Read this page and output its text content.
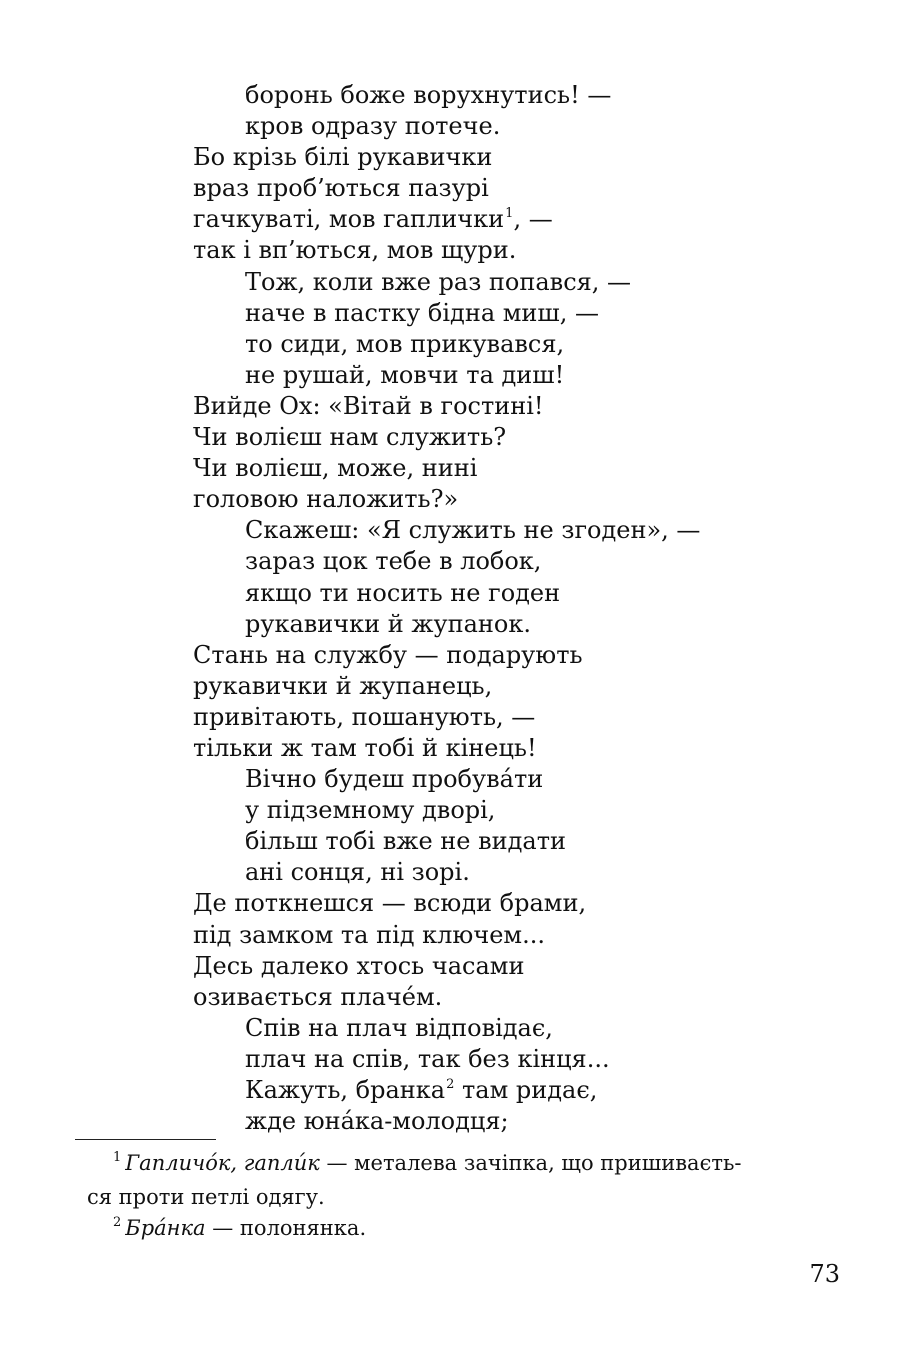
боронь боже ворухнутись! —
кров одразу потече.
Бо крізь білі рукавички
враз проб’ються пазурі
гачкуваті, мов гаплички$^1$, —
так і вп’ються, мов щури.
Тож, коли вже раз попався, —
наче в пастку бідна миш, —
то сиди, мов прикувався,
не рушай, мовчи та диш!
Вийде Ох: «Вітай в гостині!
Чи волієш нам служить?
Чи волієш, може, нині
головою наложить?»
Скажеш: «Я служить не згоден», —
зараз цок тебе в лобок,
якщо ти носить не годен
рукавички й жупанок.
Стань на службу — подарують
рукавички й жупанець,
привітають, пошанують, —
тільки ж там тобі й кінець!
Вічно будеш пробува́ти
у підземному дворі,
більш тобі вже не видати
ані сонця, ні зорі.
Де поткнешся — всюди брами,
під замком та під ключем...
Десь далеко хтось часами
озивається плаче́м.
Спів на плач відповідає,
плач на спів, так без кінця...
Кажуть, бранка$^2$ там ридає,
жде юна́ка-молодця;
$^1$ Гапличо́к, гапли́к — металева зачіпка, що пришиваєть-
ся проти петлі одягу.
$^2$ Бра́нка — полонянка.
73
